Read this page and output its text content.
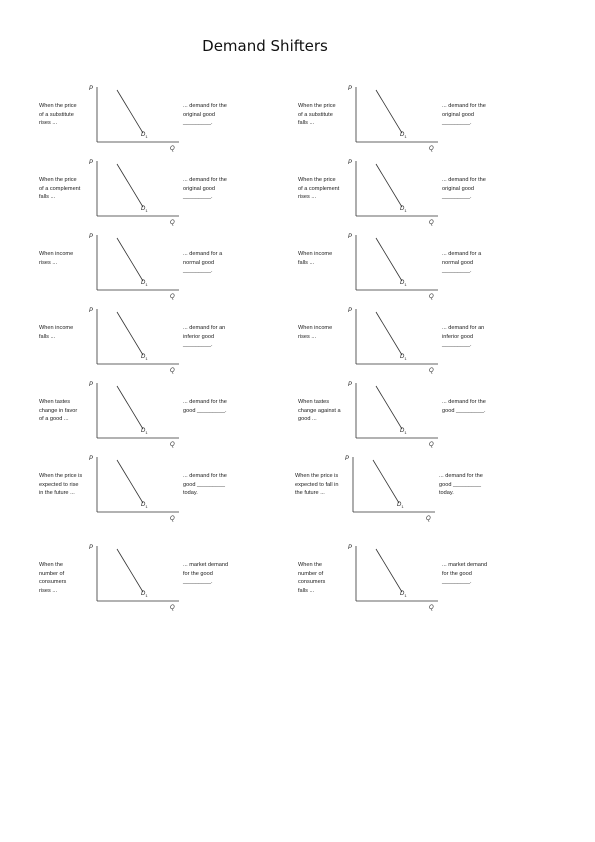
Demand Shifters
When the price
of a substitute
rises ...
P
Q
$D_1$
... demand for the
original good
_________.
When the price
of a substitute
falls ...
P
Q
$D_1$
... demand for the
original good
_________.
When the price
of a complement
falls ...
P
Q
$D_1$
... demand for the
original good
_________.
When the price
of a complement
rises ...
P
Q
$D_1$
... demand for the
original good
_________.
When income
rises ...
P
Q
$D_1$
... demand for a
normal good
_________.
When income
falls ...
P
Q
$D_1$
... demand for a
normal good
_________.
When income
falls ...
P
Q
$D_1$
... demand for an
inferior good
_________.
When income
rises ...
P
Q
$D_1$
... demand for an
inferior good
_________.
When tastes
change in favor
of a good ...
P
Q
$D_1$
... demand for the
good _________.
When tastes
change against a
good ...
P
Q
$D_1$
... demand for the
good _________.
When the price is
expected to rise
in the future ...
P
Q
$D_1$
... demand for the
good _________
today.
When the price is
expected to fall in
the future ...
P
Q
$D_1$
... demand for the
good _________
today.
When the
number of
consumers
rises ...
P
Q
$D_1$
... market demand
for the good
_________.
When the
number of
consumers
falls ...
P
Q
$D_1$
... market demand
for the good
_________.
